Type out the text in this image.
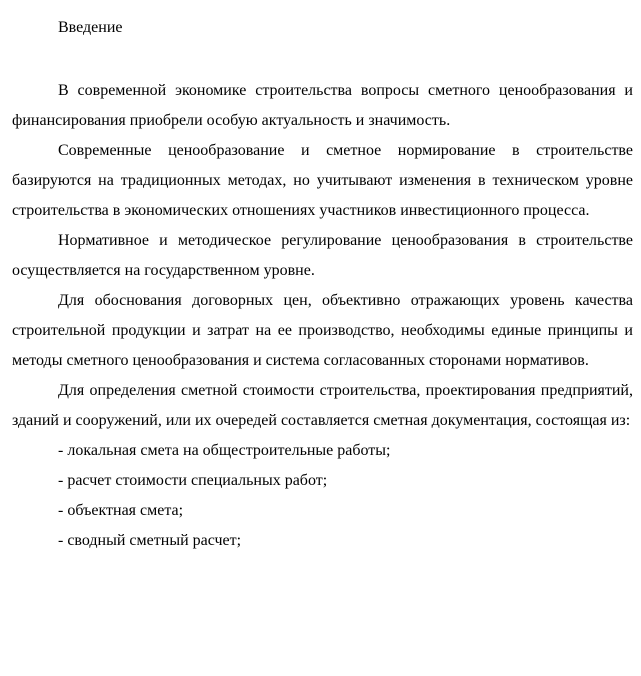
Введение

В современной экономике строительства вопросы сметного ценообразования и финансирования приобрели особую актуальность и значимость.

Современные ценообразование и сметное нормирование в строительстве базируются на традиционных методах, но учитывают изменения в техническом уровне строительства в экономических отношениях участников инвестиционного процесса.

Нормативное и методическое регулирование ценообразования в строительстве осуществляется на государственном уровне.

Для обоснования договорных цен, объективно отражающих уровень качества строительной продукции и затрат на ее производство, необходимы единые принципы и методы сметного ценообразования и система согласованных сторонами нормативов.

Для определения сметной стоимости строительства, проектирования предприятий, зданий и сооружений, или их очередей составляется сметная документация, состоящая из:

- локальная смета на общестроительные работы;
- расчет стоимости специальных работ;
- объектная смета;
- сводный сметный расчет;
